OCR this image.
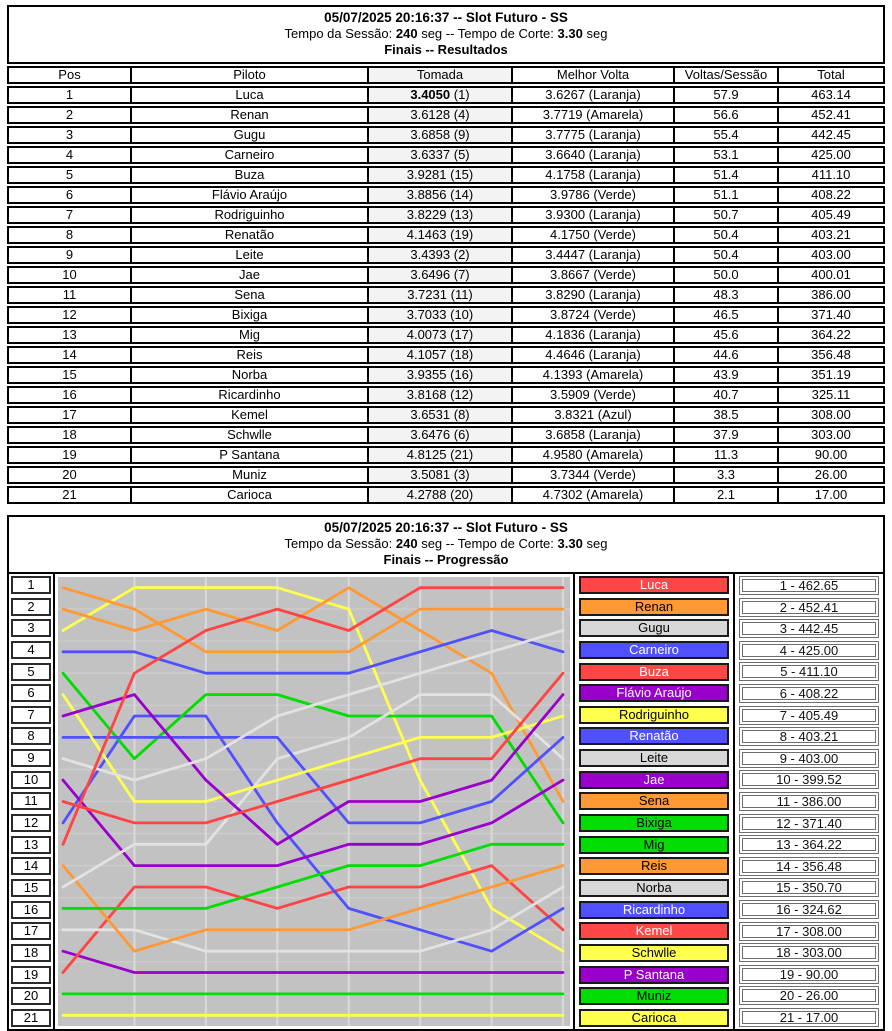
05/07/2025 20:16:37 -- Slot Futuro - SS
Tempo da Sessão: 240 seg -- Tempo de Corte: 3.30 seg
Finais -- Resultados
Pos	Piloto	Tomada	Melhor Volta	Voltas/Sessão	Total
1	Luca	3.4050 (1)	3.6267 (Laranja)	57.9	463.14
2	Renan	3.6128 (4)	3.7719 (Amarela)	56.6	452.41
3	Gugu	3.6858 (9)	3.7775 (Laranja)	55.4	442.45
4	Carneiro	3.6337 (5)	3.6640 (Laranja)	53.1	425.00
5	Buza	3.9281 (15)	4.1758 (Laranja)	51.4	411.10
6	Flávio Araújo	3.8856 (14)	3.9786 (Verde)	51.1	408.22
7	Rodriguinho	3.8229 (13)	3.9300 (Laranja)	50.7	405.49
8	Renatão	4.1463 (19)	4.1750 (Verde)	50.4	403.21
9	Leite	3.4393 (2)	3.4447 (Laranja)	50.4	403.00
10	Jae	3.6496 (7)	3.8667 (Verde)	50.0	400.01
11	Sena	3.7231 (11)	3.8290 (Laranja)	48.3	386.00
12	Bixiga	3.7033 (10)	3.8724 (Verde)	46.5	371.40
13	Mig	4.0073 (17)	4.1836 (Laranja)	45.6	364.22
14	Reis	4.1057 (18)	4.4646 (Laranja)	44.6	356.48
15	Norba	3.9355 (16)	4.1393 (Amarela)	43.9	351.19
16	Ricardinho	3.8168 (12)	3.5909 (Verde)	40.7	325.11
17	Kemel	3.6531 (8)	3.8321 (Azul)	38.5	308.00
18	Schwlle	3.6476 (6)	3.6858 (Laranja)	37.9	303.00
19	P Santana	4.8125 (21)	4.9580 (Amarela)	11.3	90.00
20	Muniz	3.5081 (3)	3.7344 (Verde)	3.3	26.00
21	Carioca	4.2788 (20)	4.7302 (Amarela)	2.1	17.00
05/07/2025 20:16:37 -- Slot Futuro - SS
Tempo da Sessão: 240 seg -- Tempo de Corte: 3.30 seg
Finais -- Progressão
1
2
3
4
5
6
7
8
9
10
11
12
13
14
15
16
17
18
19
20
21
Luca
Renan
Gugu
Carneiro
Buza
Flávio Araújo
Rodriguinho
Renatão
Leite
Jae
Sena
Bixiga
Mig
Reis
Norba
Ricardinho
Kemel
Schwlle
P Santana
Muniz
Carioca
1 - 462.65
2 - 452.41
3 - 442.45
4 - 425.00
5 - 411.10
6 - 408.22
7 - 405.49
8 - 403.21
9 - 403.00
10 - 399.52
11 - 386.00
12 - 371.40
13 - 364.22
14 - 356.48
15 - 350.70
16 - 324.62
17 - 308.00
18 - 303.00
19 - 90.00
20 - 26.00
21 - 17.00
